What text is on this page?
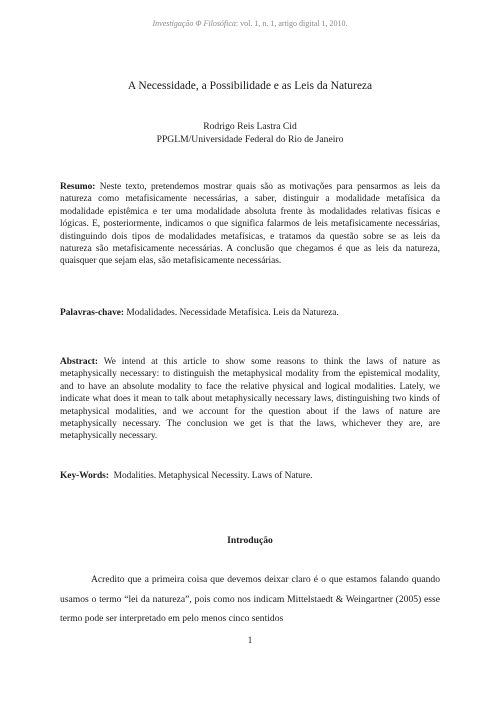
Investigação Φ Filosófica: vol. 1, n. 1, artigo digital 1, 2010.
A Necessidade, a Possibilidade e as Leis da Natureza
Rodrigo Reis Lastra Cid
PPGLM/Universidade Federal do Rio de Janeiro
Resumo: Neste texto, pretendemos mostrar quais são as motivações para pensarmos as leis da natureza como metafisicamente necessárias, a saber, distinguir a modalidade metafísica da modalidade epistêmica e ter uma modalidade absoluta frente às modalidades relativas físicas e lógicas. E, posteriormente, indicamos o que significa falarmos de leis metafisicamente necessárias, distinguindo dois tipos de modalidades metafísicas, e tratamos da questão sobre se as leis da natureza são metafisicamente necessárias. A conclusão que chegamos é que as leis da natureza, quaisquer que sejam elas, são metafisicamente necessárias.
Palavras-chave: Modalidades. Necessidade Metafísica. Leis da Natureza.
Abstract: We intend at this article to show some reasons to think the laws of nature as metaphysically necessary: to distinguish the metaphysical modality from the epistemical modality, and to have an absolute modality to face the relative physical and logical modalities. Lately, we indicate what does it mean to talk about metaphysically necessary laws, distinguishing two kinds of metaphysical modalities, and we account for the question about if the laws of nature are metaphysically necessary. The conclusion we get is that the laws, whichever they are, are metaphysically necessary.
Key-Words:  Modalities. Metaphysical Necessity. Laws of Nature.
Introdução

Acredito que a primeira coisa que devemos deixar claro é o que estamos falando quando usamos o termo “lei da natureza”, pois como nos indicam Mittelstaedt & Weingartner (2005) esse termo pode ser interpretado em pelo menos cinco sentidos

1
